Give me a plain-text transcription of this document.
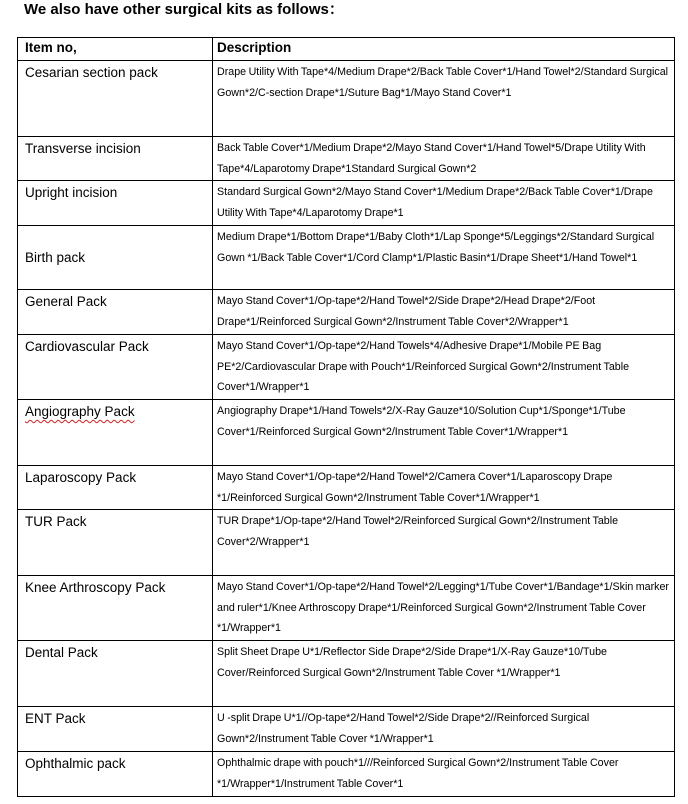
We also have other surgical kits as follows：
Item no,	Description
Cesarian section pack	Drape Utility With Tape*4/Medium Drape*2/Back Table Cover*1/Hand Towel*2/Standard Surgical Gown*2/C-section Drape*1/Suture Bag*1/Mayo Stand Cover*1

Transverse incision	Back Table Cover*1/Medium Drape*2/Mayo Stand Cover*1/Hand Towel*5/Drape Utility With Tape*4/Laparotomy Drape*1Standard Surgical Gown*2

Upright incision	Standard Surgical Gown*2/Mayo Stand Cover*1/Medium Drape*2/Back Table Cover*1/Drape Utility With Tape*4/Laparotomy Drape*1

Birth pack	Medium Drape*1/Bottom Drape*1/Baby Cloth*1/Lap Sponge*5/Leggings*2/Standard Surgical Gown *1/Back Table Cover*1/Cord Clamp*1/Plastic Basin*1/Drape Sheet*1/Hand Towel*1

General Pack	Mayo Stand Cover*1/Op-tape*2/Hand Towel*2/Side Drape*2/Head Drape*2/Foot Drape*1/Reinforced Surgical Gown*2/Instrument Table Cover*2/Wrapper*1

Cardiovascular Pack	Mayo Stand Cover*1/Op-tape*2/Hand Towels*4/Adhesive Drape*1/Mobile PE Bag PE*2/Cardiovascular Drape with Pouch*1/Reinforced Surgical Gown*2/Instrument Table Cover*1/Wrapper*1

Angiography Pack	Angiography Drape*1/Hand Towels*2/X-Ray Gauze*10/Solution Cup*1/Sponge*1/Tube Cover*1/Reinforced Surgical Gown*2/Instrument Table Cover*1/Wrapper*1

Laparoscopy Pack	Mayo Stand Cover*1/Op-tape*2/Hand Towel*2/Camera Cover*1/Laparoscopy Drape *1/Reinforced Surgical Gown*2/Instrument Table Cover*1/Wrapper*1

TUR Pack	TUR Drape*1/Op-tape*2/Hand Towel*2/Reinforced Surgical Gown*2/Instrument Table Cover*2/Wrapper*1

Knee Arthroscopy Pack	Mayo Stand Cover*1/Op-tape*2/Hand Towel*2/Legging*1/Tube Cover*1/Bandage*1/Skin marker and ruler*1/Knee Arthroscopy Drape*1/Reinforced Surgical Gown*2/Instrument Table Cover *1/Wrapper*1

Dental Pack	Split Sheet Drape U*1/Reflector Side Drape*2/Side Drape*1/X-Ray Gauze*10/Tube Cover/Reinforced Surgical Gown*2/Instrument Table Cover *1/Wrapper*1

ENT Pack	U -split Drape U*1//Op-tape*2/Hand Towel*2/Side Drape*2//Reinforced Surgical Gown*2/Instrument Table Cover *1/Wrapper*1

Ophthalmic pack	Ophthalmic drape with pouch*1///Reinforced Surgical Gown*2/Instrument Table Cover *1/Wrapper*1/Instrument Table Cover*1
